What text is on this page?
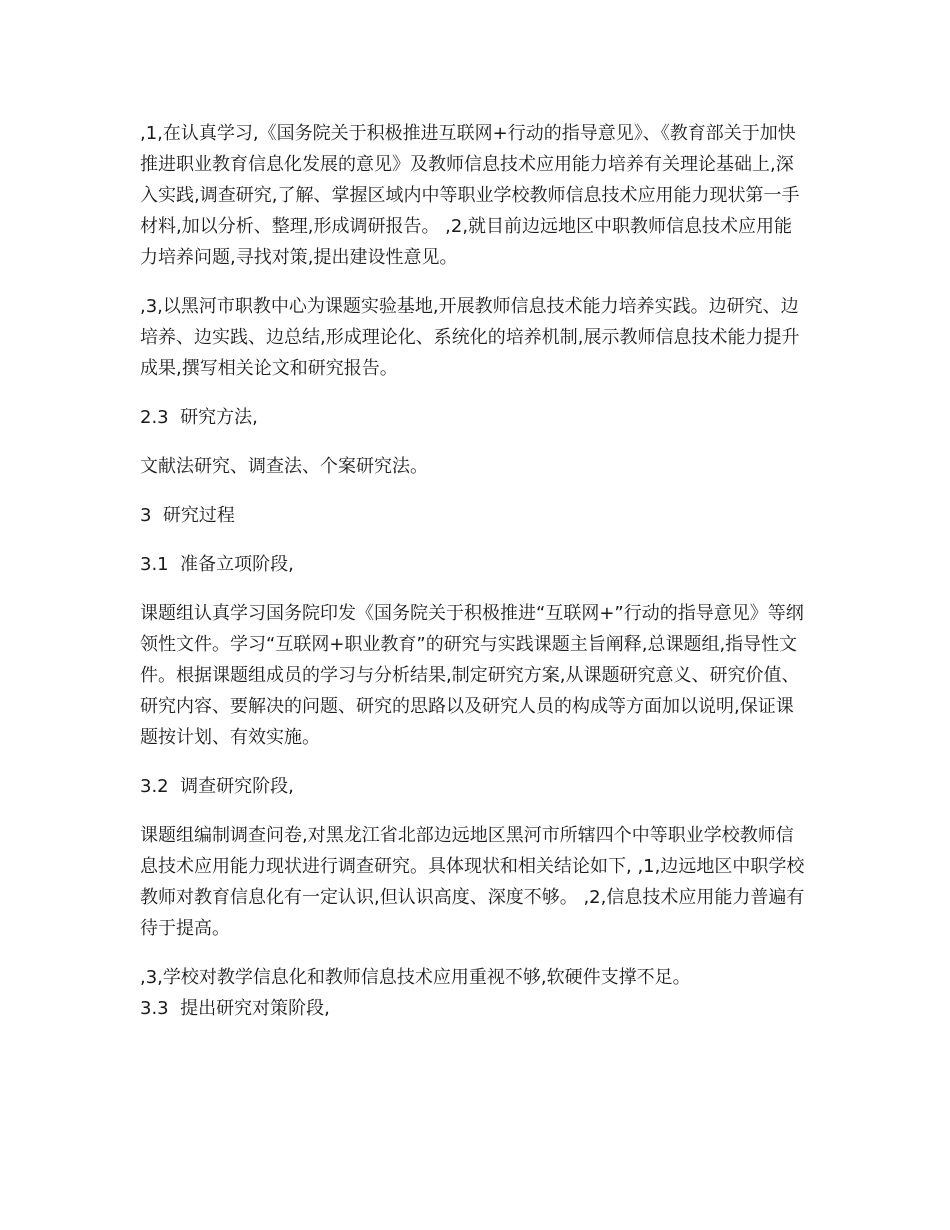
,1,在认真学习,《国务院关于积极推进互联网+行动的指导意见》、《教育部关于加快推进职业教育信息化发展的意见》及教师信息技术应用能力培养有关理论基础上,深入实践,调查研究,了解、掌握区域内中等职业学校教师信息技术应用能力现状第一手材料,加以分析、整理,形成调研报告。 ,2,就目前边远地区中职教师信息技术应用能力培养问题,寻找对策,提出建设性意见。

,3,以黑河市职教中心为课题实验基地,开展教师信息技术能力培养实践。边研究、边培养、边实践、边总结,形成理论化、系统化的培养机制,展示教师信息技术能力提升成果,撰写相关论文和研究报告。

2.3  研究方法,

文献法研究、调查法、个案研究法。

3  研究过程

3.1  准备立项阶段,

课题组认真学习国务院印发《国务院关于积极推进“互联网+”行动的指导意见》等纲领性文件。学习“互联网+职业教育”的研究与实践课题主旨阐释,总课题组,指导性文件。根据课题组成员的学习与分析结果,制定研究方案,从课题研究意义、研究价值、研究内容、要解决的问题、研究的思路以及研究人员的构成等方面加以说明,保证课题按计划、有效实施。

3.2  调查研究阶段,

课题组编制调查问卷,对黑龙江省北部边远地区黑河市所辖四个中等职业学校教师信息技术应用能力现状进行调查研究。具体现状和相关结论如下, ,1,边远地区中职学校教师对教育信息化有一定认识,但认识高度、深度不够。 ,2,信息技术应用能力普遍有待于提高。

,3,学校对教学信息化和教师信息技术应用重视不够,软硬件支撑不足。

3.3  提出研究对策阶段,
